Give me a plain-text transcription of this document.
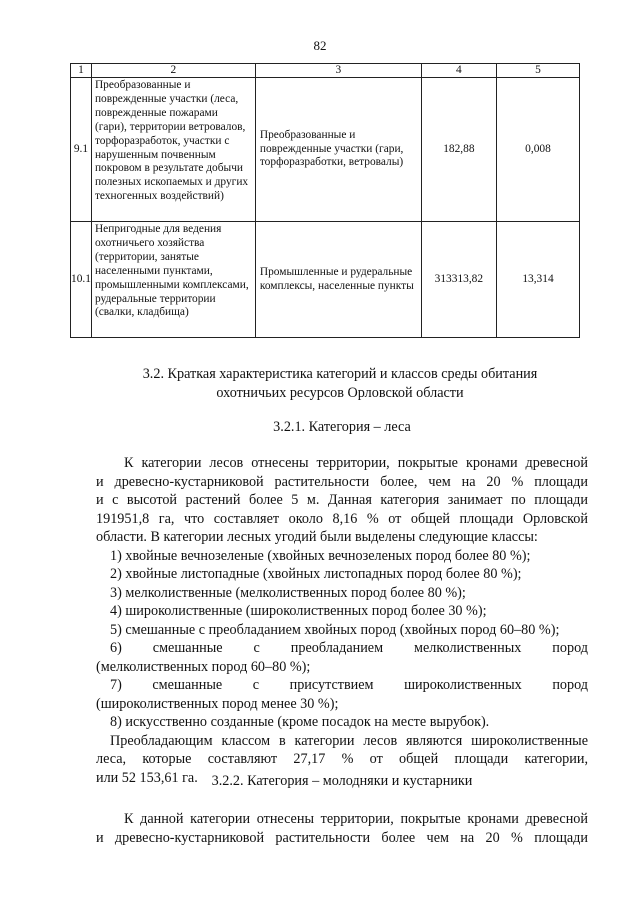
82
1	2	3	4	5
9.1	Преобразованные и поврежденные участки (леса, поврежденные пожарами (гари), территории ветровалов, торфоразработок, участки с нарушенным почвенным покровом в результате добычи полезных ископаемых и других техногенных воздействий)	Преобразованные и поврежденные участки (гари, торфоразработки, ветровалы)	182,88	0,008
10.1	Непригодные для ведения охотничьего хозяйства (территории, занятые населенными пунктами, промышленными комплексами, рудеральные территории (свалки, кладбища)	Промышленные и рудеральные комплексы, населенные пункты	313313,82	13,314
3.2. Краткая характеристика категорий и классов среды обитания
охотничьих ресурсов Орловской области
3.2.1. Категория – леса
К категории лесов отнесены территории, покрытые кронами древесной
и древесно-кустарниковой растительности более, чем на 20 % площади
и с высотой растений более 5 м. Данная категория занимает по площади
191951,8 га, что составляет около 8,16 % от общей площади Орловской
области. В категории лесных угодий были выделены следующие классы:
1) хвойные вечнозеленые (хвойных вечнозеленых пород более 80 %);
2) хвойные листопадные (хвойных листопадных пород более 80 %);
3) мелколиственные (мелколиственных пород более 80 %);
4) широколиственные (широколиственных пород более 30 %);
5) смешанные с преобладанием хвойных пород (хвойных пород 60–80 %);
6) смешанные с преобладанием мелколиственных пород
(мелколиственных пород 60–80 %);
7) смешанные с присутствием широколиственных пород
(широколиственных пород менее 30 %);
8) искусственно созданные (кроме посадок на месте вырубок).
Преобладающим классом в категории лесов являются широколиственные
леса, которые составляют 27,17 % от общей площади категории,
или 52 153,61 га. 3.2.2. Категория – молодняки и кустарники
К данной категории отнесены территории, покрытые кронами древесной
и древесно-кустарниковой растительности более чем на 20 % площади
